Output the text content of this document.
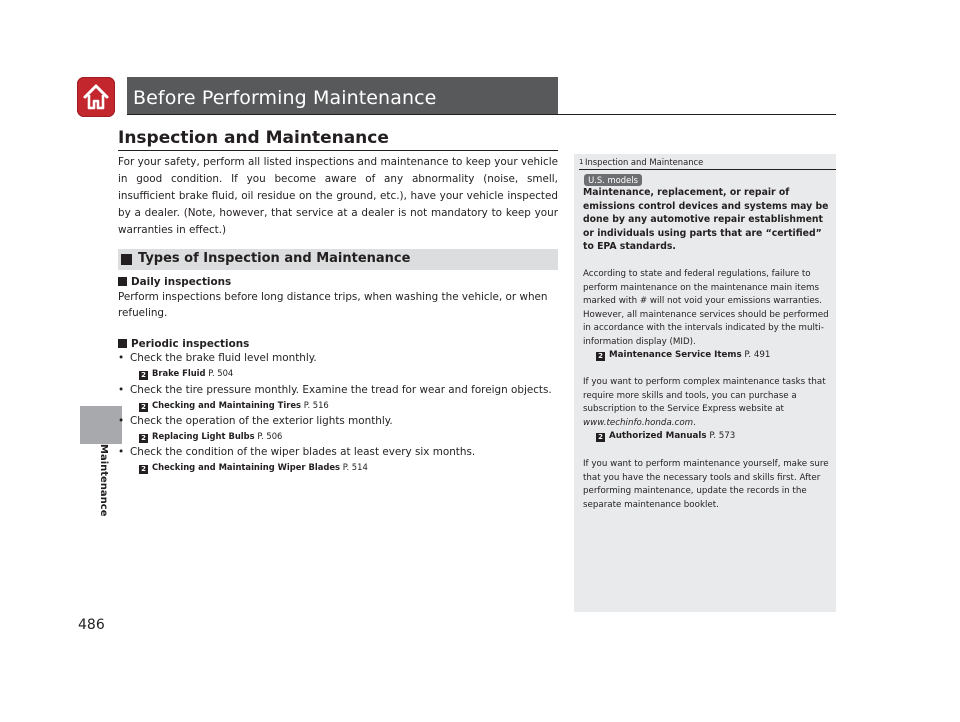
Before Performing Maintenance
Maintenance
486
Inspection and Maintenance
For your safety, perform all listed inspections and maintenance to keep your vehicle in good condition. If you become aware of any abnormality (noise, smell, insufficient brake fluid, oil residue on the ground, etc.), have your vehicle inspected by a dealer. (Note, however, that service at a dealer is not mandatory to keep your warranties in effect.)
Types of Inspection and Maintenance
Daily inspections
Perform inspections before long distance trips, when washing the vehicle, or when refueling.
Periodic inspections
• Check the brake fluid level monthly.
2 Brake Fluid P. 504
• Check the tire pressure monthly. Examine the tread for wear and foreign objects.
2 Checking and Maintaining Tires P. 516
• Check the operation of the exterior lights monthly.
2 Replacing Light Bulbs P. 506
• Check the condition of the wiper blades at least every six months.
2 Checking and Maintaining Wiper Blades P. 514
1 Inspection and Maintenance
U.S. models
Maintenance, replacement, or repair of emissions control devices and systems may be done by any automotive repair establishment or individuals using parts that are “certified” to EPA standards.
According to state and federal regulations, failure to perform maintenance on the maintenance main items marked with # will not void your emissions warranties. However, all maintenance services should be performed in accordance with the intervals indicated by the multi-information display (MID).
2 Maintenance Service Items P. 491
If you want to perform complex maintenance tasks that require more skills and tools, you can purchase a subscription to the Service Express website at
www.techinfo.honda.com.
2 Authorized Manuals P. 573
If you want to perform maintenance yourself, make sure that you have the necessary tools and skills first. After performing maintenance, update the records in the separate maintenance booklet.
